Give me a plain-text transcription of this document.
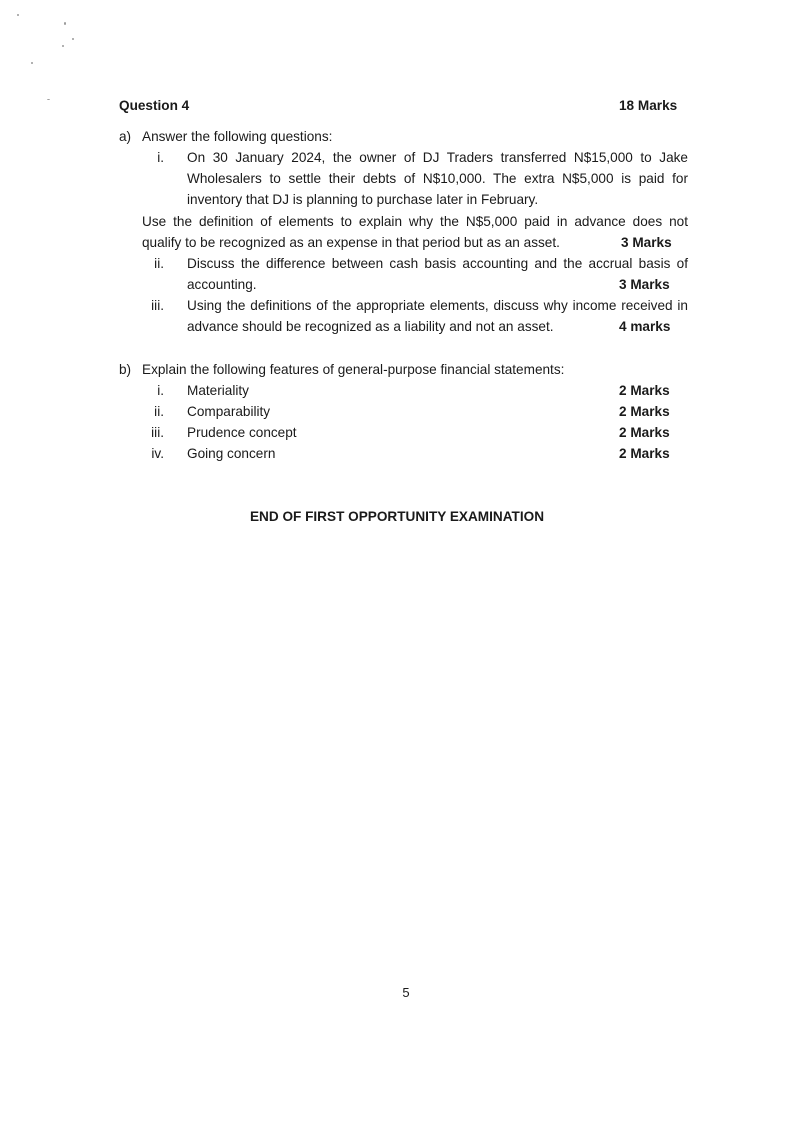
Question 4	18 Marks
a) Answer the following questions:
i. On 30 January 2024, the owner of DJ Traders transferred N$15,000 to Jake
Wholesalers to settle their debts of N$10,000. The extra N$5,000 is paid for
inventory that DJ is planning to purchase later in February.
Use the definition of elements to explain why the N$5,000 paid in advance does not
qualify to be recognized as an expense in that period but as an asset.	3 Marks
ii. Discuss the difference between cash basis accounting and the accrual basis of
accounting.	3 Marks
iii. Using the definitions of the appropriate elements, discuss why income received in
advance should be recognized as a liability and not an asset.	4 marks
b) Explain the following features of general-purpose financial statements:
i. Materiality	2 Marks
ii. Comparability	2 Marks
iii. Prudence concept	2 Marks
iv. Going concern	2 Marks
END OF FIRST OPPORTUNITY EXAMINATION
5
